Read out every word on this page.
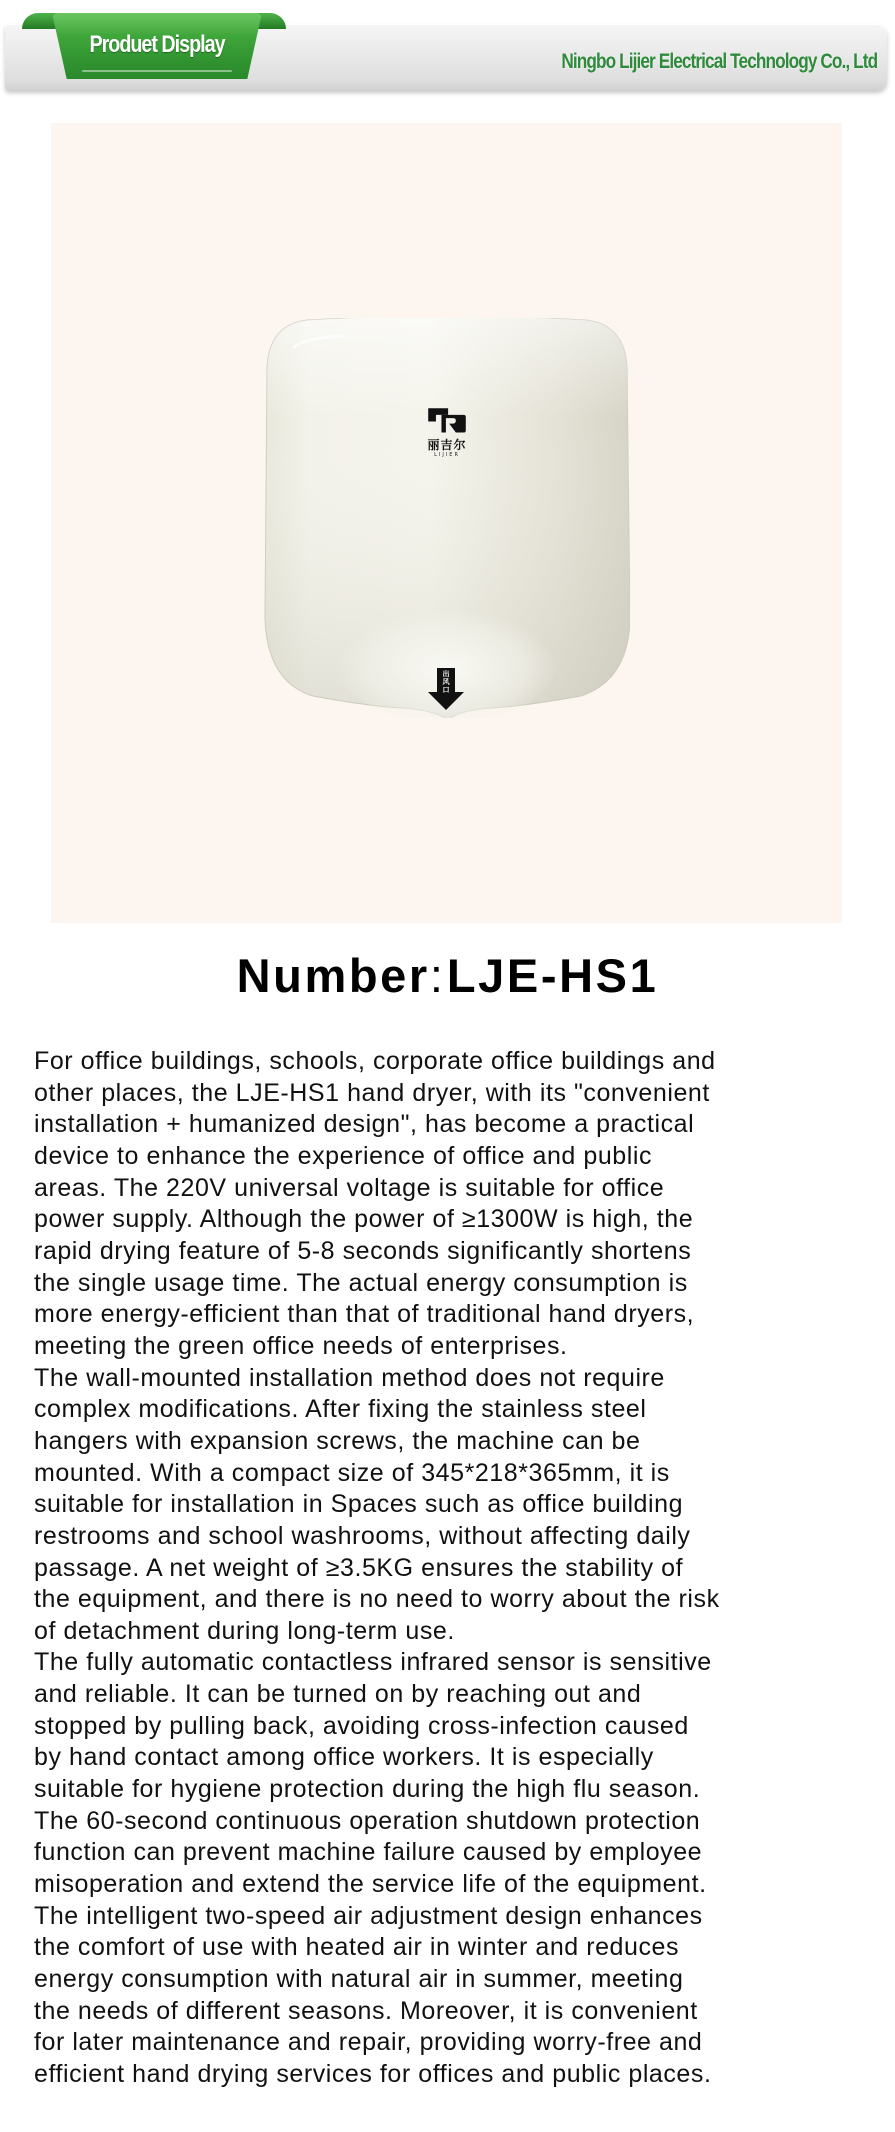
Produet Display
Ningbo Lijier Electrical Technology Co., Ltd
丽吉尔
LIJIER
出
风
口
Number:LJE-HS1
For office buildings, schools, corporate office buildings and
other places, the LJE-HS1 hand dryer, with its "convenient
installation + humanized design", has become a practical
device to enhance the experience of office and public
areas. The 220V universal voltage is suitable for office
power supply. Although the power of ≥1300W is high, the
rapid drying feature of 5-8 seconds significantly shortens
the single usage time. The actual energy consumption is
more energy-efficient than that of traditional hand dryers,
meeting the green office needs of enterprises.
The wall-mounted installation method does not require
complex modifications. After fixing the stainless steel
hangers with expansion screws, the machine can be
mounted. With a compact size of 345*218*365mm, it is
suitable for installation in Spaces such as office building
restrooms and school washrooms, without affecting daily
passage. A net weight of ≥3.5KG ensures the stability of
the equipment, and there is no need to worry about the risk
of detachment during long-term use.
The fully automatic contactless infrared sensor is sensitive
and reliable. It can be turned on by reaching out and
stopped by pulling back, avoiding cross-infection caused
by hand contact among office workers. It is especially
suitable for hygiene protection during the high flu season.
The 60-second continuous operation shutdown protection
function can prevent machine failure caused by employee
misoperation and extend the service life of the equipment.
The intelligent two-speed air adjustment design enhances
the comfort of use with heated air in winter and reduces
energy consumption with natural air in summer, meeting
the needs of different seasons. Moreover, it is convenient
for later maintenance and repair, providing worry-free and
efficient hand drying services for offices and public places.
